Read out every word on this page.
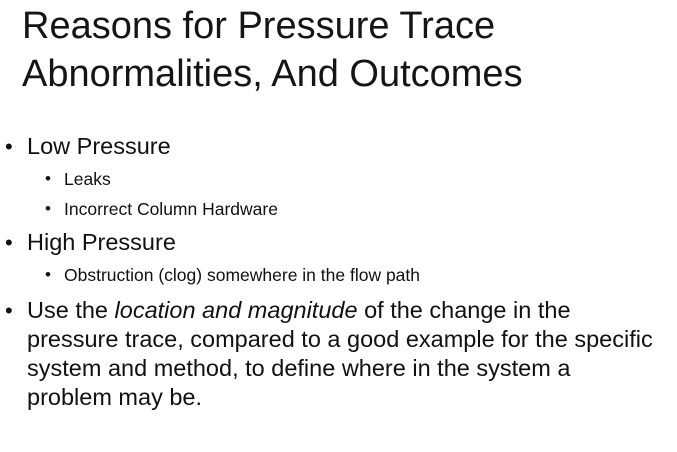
Reasons for Pressure Trace
Abnormalities, And Outcomes
• Low Pressure
• Leaks
• Incorrect Column Hardware
• High Pressure
• Obstruction (clog) somewhere in the flow path
• Use the location and magnitude of the change in the pressure trace, compared to a good example for the specific system and method, to define where in the system a problem may be.
